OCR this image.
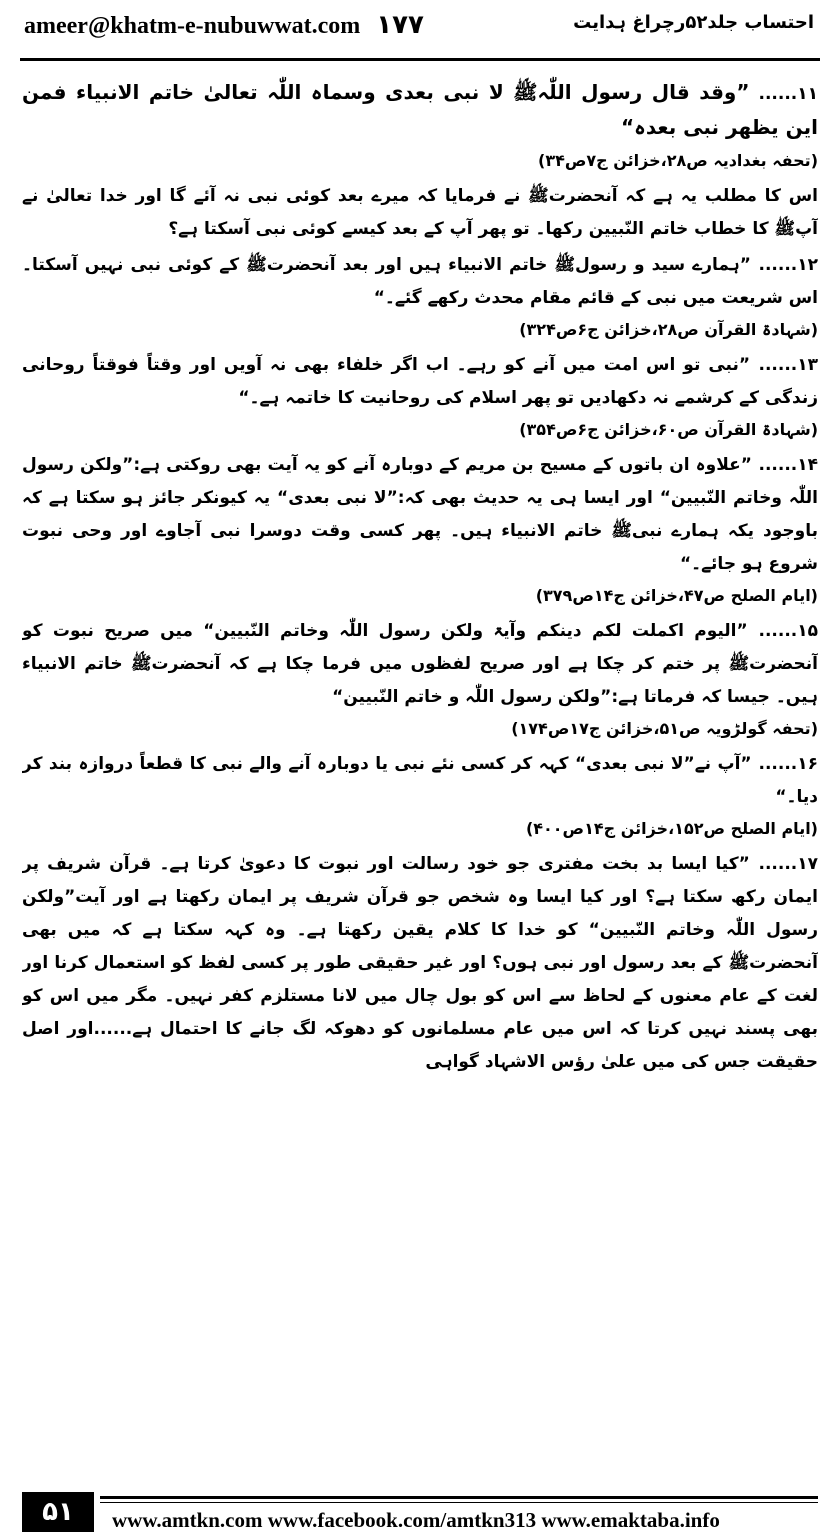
ameer@khatm-e-nubuwwat.com ۱۷۷	احتساب جلد۵۲رچراغ ہدایت
۱۱...... ”وقد قال رسول اللّٰہﷺ لا نبی بعدی وسماہ اللّٰہ تعالیٰ خاتم الانبیاء فمن این یظھر نبی بعدہ“
(تحفہ بغدادیہ ص۲۸،خزائن ج۷ص۳۴)
اس کا مطلب یہ ہے کہ آنحضرتﷺ نے فرمایا کہ میرے بعد کوئی نبی نہ آئے گا اور خدا تعالیٰ نے آپﷺ کا خطاب خاتم النّبیین رکھا۔ تو پھر آپ کے بعد کیسے کوئی نبی آسکتا ہے؟
۱۲...... ”ہمارے سید و رسولﷺ خاتم الانبیاء ہیں اور بعد آنحضرتﷺ کے کوئی نبی نہیں آسکتا۔ اس شریعت میں نبی کے قائم مقام محدث رکھے گئے۔“
(شہادۃ القرآن ص۲۸،خزائن ج۶ص۳۲۴)
۱۳...... ”نبی تو اس امت میں آنے کو رہے۔ اب اگر خلفاء بھی نہ آویں اور وقتاً فوقتاً روحانی زندگی کے کرشمے نہ دکھادیں تو پھر اسلام کی روحانیت کا خاتمہ ہے۔“
(شہادۃ القرآن ص۶۰،خزائن ج۶ص۳۵۴)
۱۴...... ”علاوہ ان باتوں کے مسیح بن مریم کے دوبارہ آنے کو یہ آیت بھی روکتی ہے:”ولکن رسول اللّٰہ وخاتم النّبیین“ اور ایسا ہی یہ حدیث بھی کہ:”لا نبی بعدی“ یہ کیونکر جائز ہو سکتا ہے کہ باوجود یکہ ہمارے نبیﷺ خاتم الانبیاء ہیں۔ پھر کسی وقت دوسرا نبی آجاوے اور وحی نبوت شروع ہو جائے۔“
(ایام الصلح ص۴۷،خزائن ج۱۴ص۳۷۹)
۱۵...... ”الیوم اکملت لکم دینکم وآیۃ ولکن رسول اللّٰہ وخاتم النّبیین“ میں صریح نبوت کو آنحضرتﷺ پر ختم کر چکا ہے اور صریح لفظوں میں فرما چکا ہے کہ آنحضرتﷺ خاتم الانبیاء ہیں۔ جیسا کہ فرماتا ہے:”ولکن رسول اللّٰہ و خاتم النّبیین“
(تحفہ گولڑویہ ص۵۱،خزائن ج۱۷ص۱۷۴)
۱۶...... ”آپ نے”لا نبی بعدی“ کہہ کر کسی نئے نبی یا دوبارہ آنے والے نبی کا قطعاً دروازہ بند کر دیا۔“
(ایام الصلح ص۱۵۲،خزائن ج۱۴ص۴۰۰)
۱۷...... ”کیا ایسا بد بخت مفتری جو خود رسالت اور نبوت کا دعویٰ کرتا ہے۔ قرآن شریف پر ایمان رکھ سکتا ہے؟ اور کیا ایسا وہ شخص جو قرآن شریف پر ایمان رکھتا ہے اور آیت”ولکن رسول اللّٰہ وخاتم النّبیین“ کو خدا کا کلام یقین رکھتا ہے۔ وہ کہہ سکتا ہے کہ میں بھی آنحضرتﷺ کے بعد رسول اور نبی ہوں؟ اور غیر حقیقی طور پر کسی لفظ کو استعمال کرنا اور لغت کے عام معنوں کے لحاظ سے اس کو بول چال میں لانا مستلزم کفر نہیں۔ مگر میں اس کو بھی پسند نہیں کرتا کہ اس میں عام مسلمانوں کو دھوکہ لگ جانے کا احتمال ہے......اور اصل حقیقت جس کی میں علیٰ رؤس الاشہاد گواہی
۵۱	www.amtkn.com www.facebook.com/amtkn313 www.emaktaba.info
